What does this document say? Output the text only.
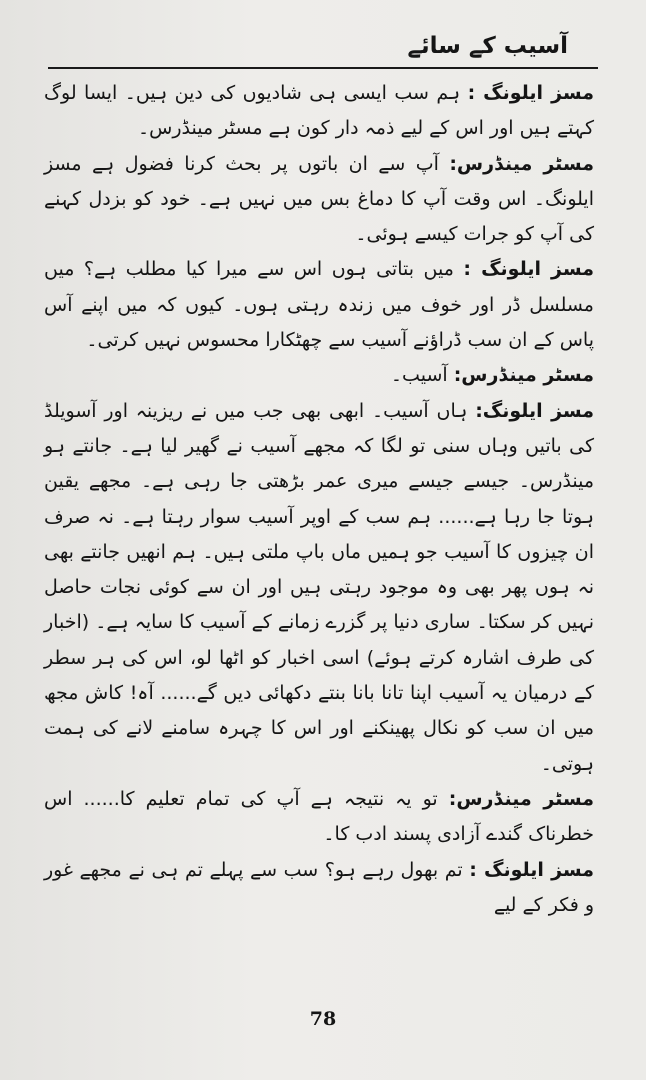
آسیب کے سائے

مسز ایلونگ : ہم سب ایسی ہی شادیوں کی دین ہیں۔ ایسا لوگ کہتے ہیں اور اس کے لیے ذمہ دار کون ہے مسٹر مینڈرس۔

مسٹر مینڈرس: آپ سے ان باتوں پر بحث کرنا فضول ہے مسز ایلونگ۔ اس وقت آپ کا دماغ بس میں نہیں ہے۔ خود کو بزدل کہنے کی آپ کو جرات کیسے ہوئی۔

مسز ایلونگ : میں بتاتی ہوں اس سے میرا کیا مطلب ہے؟ میں مسلسل ڈر اور خوف میں زندہ رہتی ہوں۔ کیوں کہ میں اپنے آس پاس کے ان سب ڈراؤنے آسیب سے چھٹکارا محسوس نہیں کرتی۔

مسٹر مینڈرس: آسیب۔

مسز ایلونگ: ہاں آسیب۔ ابھی بھی جب میں نے ریزینہ اور آسویلڈ کی باتیں وہاں سنی تو لگا کہ مجھے آسیب نے گھیر لیا ہے۔ جانتے ہو مینڈرس۔ جیسے جیسے میری عمر بڑھتی جا رہی ہے۔ مجھے یقین ہوتا جا رہا ہے...... ہم سب کے اوپر آسیب سوار رہتا ہے۔ نہ صرف ان چیزوں کا آسیب جو ہمیں ماں باپ ملتی ہیں۔ ہم انھیں جانتے بھی نہ ہوں پھر بھی وہ موجود رہتی ہیں اور ان سے کوئی نجات حاصل نہیں کر سکتا۔ ساری دنیا پر گزرے زمانے کے آسیب کا سایہ ہے۔ (اخبار کی طرف اشارہ کرتے ہوئے) اسی اخبار کو اٹھا لو، اس کی ہر سطر کے درمیان یہ آسیب اپنا تانا بانا بنتے دکھائی دیں گے...... آہ! کاش مجھ میں ان سب کو نکال پھینکنے اور اس کا چہرہ سامنے لانے کی ہمت ہوتی۔

مسٹر مینڈرس: تو یہ نتیجہ ہے آپ کی تمام تعلیم کا...... اس خطرناک گندے آزادی پسند ادب کا۔

مسز ایلونگ : تم بھول رہے ہو؟ سب سے پہلے تم ہی نے مجھے غور و فکر کے لیے

78
